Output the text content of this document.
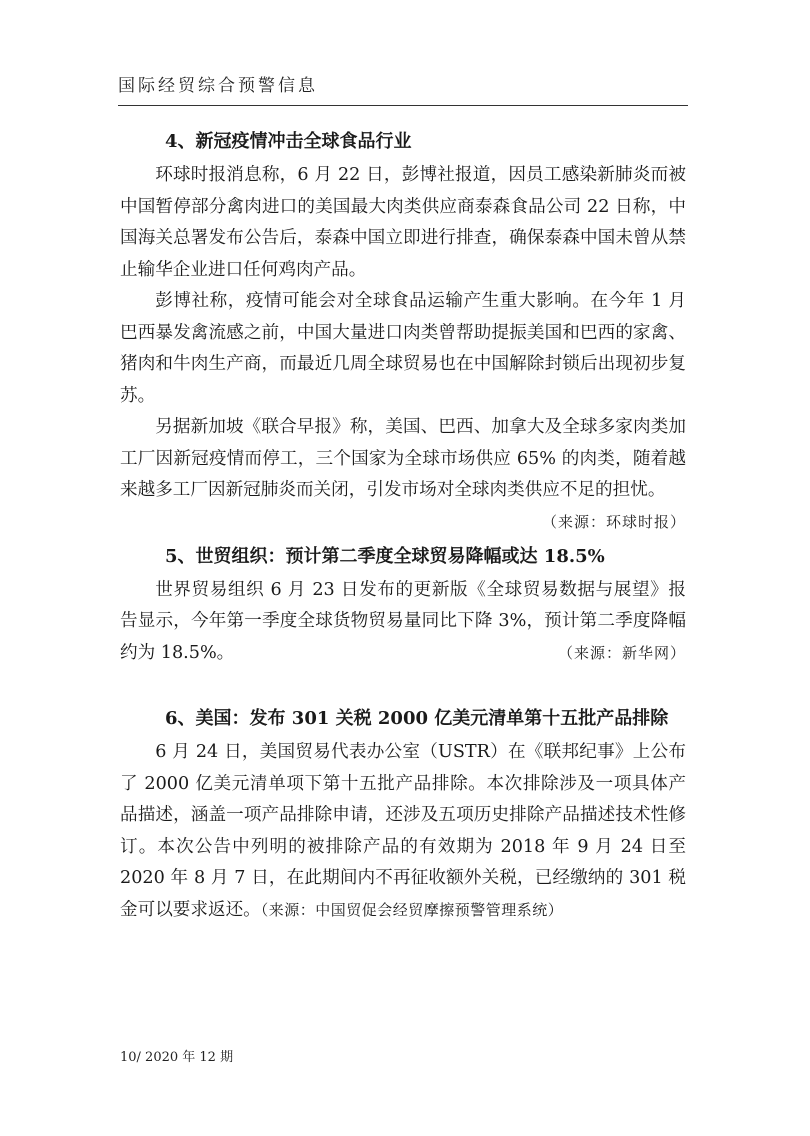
国际经贸综合预警信息
4、新冠疫情冲击全球食品行业

环球时报消息称，6 月 22 日，彭博社报道，因员工感染新肺炎而被中国暂停部分禽肉进口的美国最大肉类供应商泰森食品公司 22 日称，中国海关总署发布公告后，泰森中国立即进行排查，确保泰森中国未曾从禁止输华企业进口任何鸡肉产品。

彭博社称，疫情可能会对全球食品运输产生重大影响。在今年 1 月巴西暴发禽流感之前，中国大量进口肉类曾帮助提振美国和巴西的家禽、猪肉和牛肉生产商，而最近几周全球贸易也在中国解除封锁后出现初步复苏。

另据新加坡《联合早报》称，美国、巴西、加拿大及全球多家肉类加工厂因新冠疫情而停工，三个国家为全球市场供应 65% 的肉类，随着越来越多工厂因新冠肺炎而关闭，引发市场对全球肉类供应不足的担忧。
（来源：环球时报）

5、世贸组织：预计第二季度全球贸易降幅或达 18.5%

世界贸易组织 6 月 23 日发布的更新版《全球贸易数据与展望》报告显示，今年第一季度全球货物贸易量同比下降 3%，预计第二季度降幅约为 18.5%。	（来源：新华网）

6、美国：发布 301 关税 2000 亿美元清单第十五批产品排除

6 月 24 日，美国贸易代表办公室（USTR）在《联邦纪事》上公布了 2000 亿美元清单项下第十五批产品排除。本次排除涉及一项具体产品描述，涵盖一项产品排除申请，还涉及五项历史排除产品描述技术性修订。本次公告中列明的被排除产品的有效期为 2018 年 9 月 24 日至 2020 年 8 月 7 日，在此期间内不再征收额外关税，已经缴纳的 301 税金可以要求返还。（来源：中国贸促会经贸摩擦预警管理系统）

10/ 2020 年 12 期
